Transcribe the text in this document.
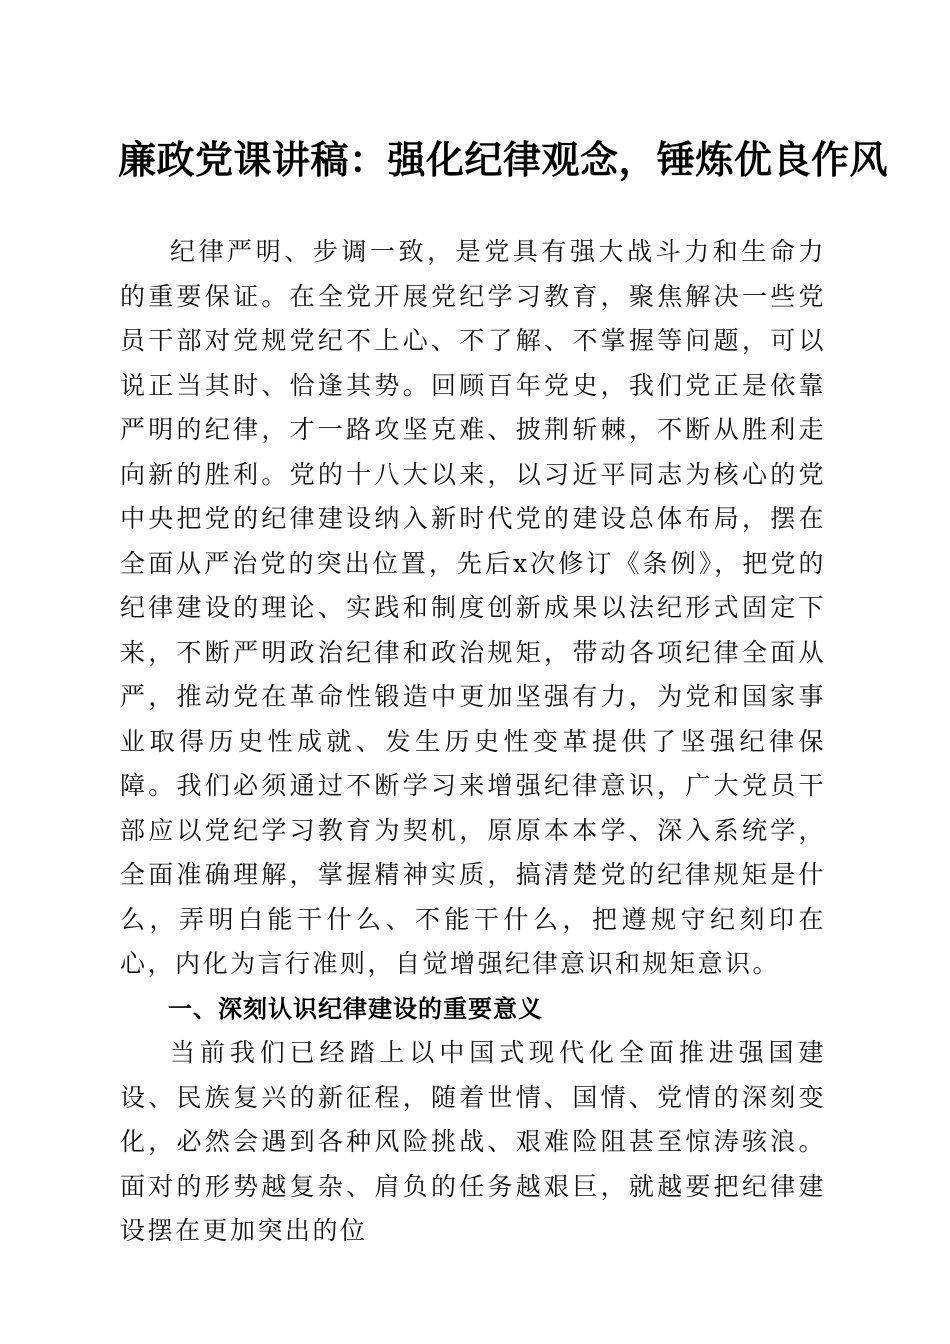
廉政党课讲稿：强化纪律观念，锤炼优良作风

纪律严明、步调一致，是党具有强大战斗力和生命力的重要保证。在全党开展党纪学习教育，聚焦解决一些党员干部对党规党纪不上心、不了解、不掌握等问题，可以说正当其时、恰逢其势。回顾百年党史，我们党正是依靠严明的纪律，才一路攻坚克难、披荆斩棘，不断从胜利走向新的胜利。党的十八大以来，以习近平同志为核心的党中央把党的纪律建设纳入新时代党的建设总体布局，摆在全面从严治党的突出位置，先后x次修订《条例》，把党的纪律建设的理论、实践和制度创新成果以法纪形式固定下来，不断严明政治纪律和政治规矩，带动各项纪律全面从严，推动党在革命性锻造中更加坚强有力，为党和国家事业取得历史性成就、发生历史性变革提供了坚强纪律保障。我们必须通过不断学习来增强纪律意识，广大党员干部应以党纪学习教育为契机，原原本本学、深入系统学，全面准确理解，掌握精神实质，搞清楚党的纪律规矩是什么，弄明白能干什么、不能干什么，把遵规守纪刻印在心，内化为言行准则，自觉增强纪律意识和规矩意识。

一、深刻认识纪律建设的重要意义

当前我们已经踏上以中国式现代化全面推进强国建设、民族复兴的新征程，随着世情、国情、党情的深刻变化，必然会遇到各种风险挑战、艰难险阻甚至惊涛骇浪。面对的形势越复杂、肩负的任务越艰巨，就越要把纪律建设摆在更加突出的位
